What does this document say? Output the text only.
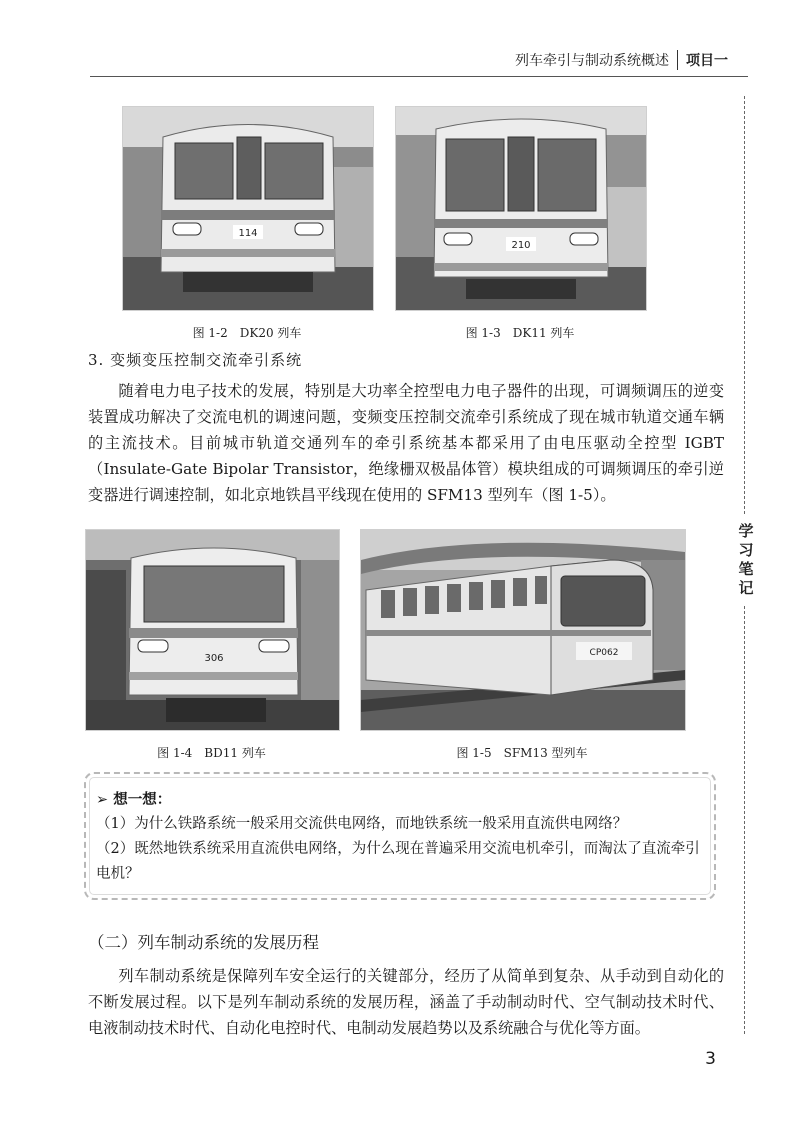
列车牵引与制动系统概述 项目一
学习笔记
114
图 1-2　DK20 列车
210
图 1-3　DK11 列车
3. 变频变压控制交流牵引系统

随着电力电子技术的发展，特别是大功率全控型电力电子器件的出现，可调频调压的逆变装置成功解决了交流电机的调速问题，变频变压控制交流牵引系统成了现在城市轨道交通车辆的主流技术。目前城市轨道交通列车的牵引系统基本都采用了由电压驱动全控型 IGBT（Insulate-Gate Bipolar Transistor，绝缘栅双极晶体管）模块组成的可调频调压的牵引逆变器进行调速控制，如北京地铁昌平线现在使用的 SFM13 型列车（图 1-5）。

306
图 1-4　BD11 列车
CP062
图 1-5　SFM13 型列车
➢ 想一想：

（1）为什么铁路系统一般采用交流供电网络，而地铁系统一般采用直流供电网络？

（2）既然地铁系统采用直流供电网络，为什么现在普遍采用交流电机牵引，而淘汰了直流牵引电机？

（二）列车制动系统的发展历程

列车制动系统是保障列车安全运行的关键部分，经历了从简单到复杂、从手动到自动化的不断发展过程。以下是列车制动系统的发展历程，涵盖了手动制动时代、空气制动技术时代、电液制动技术时代、自动化电控时代、电制动发展趋势以及系统融合与优化等方面。

3
